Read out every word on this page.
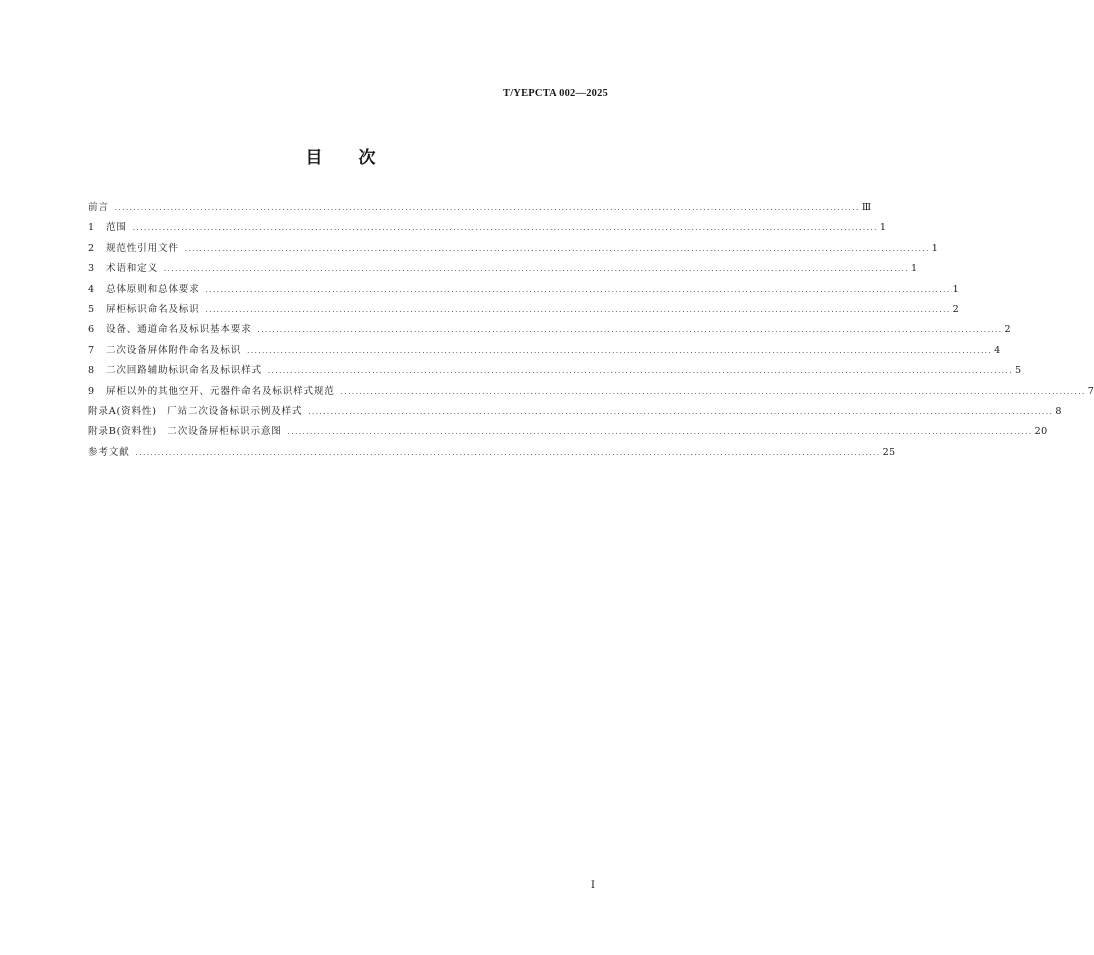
T/YEPCTA 002—2025
目次
前言 ........................................................................................................................................................................................................ Ⅲ
1	范围 ........................................................................................................................................................................................................ 1
2	规范性引用文件 ........................................................................................................................................................................................................ 1
3	术语和定义 ........................................................................................................................................................................................................ 1
4	总体原则和总体要求 ........................................................................................................................................................................................................ 1
5	屏柜标识命名及标识 ........................................................................................................................................................................................................ 2
6	设备、通道命名及标识基本要求 ........................................................................................................................................................................................................ 2
7	二次设备屏体附件命名及标识 ........................................................................................................................................................................................................ 4
8	二次回路辅助标识命名及标识样式 ........................................................................................................................................................................................................ 5
9	屏柜以外的其他空开、元器件命名及标识样式规范 ........................................................................................................................................................................................................ 7
附录A(资料性)　厂站二次设备标识示例及样式 ........................................................................................................................................................................................................ 8
附录B(资料性)　二次设备屏柜标识示意图 ........................................................................................................................................................................................................ 20
参考文献 ........................................................................................................................................................................................................ 25
Ⅰ
